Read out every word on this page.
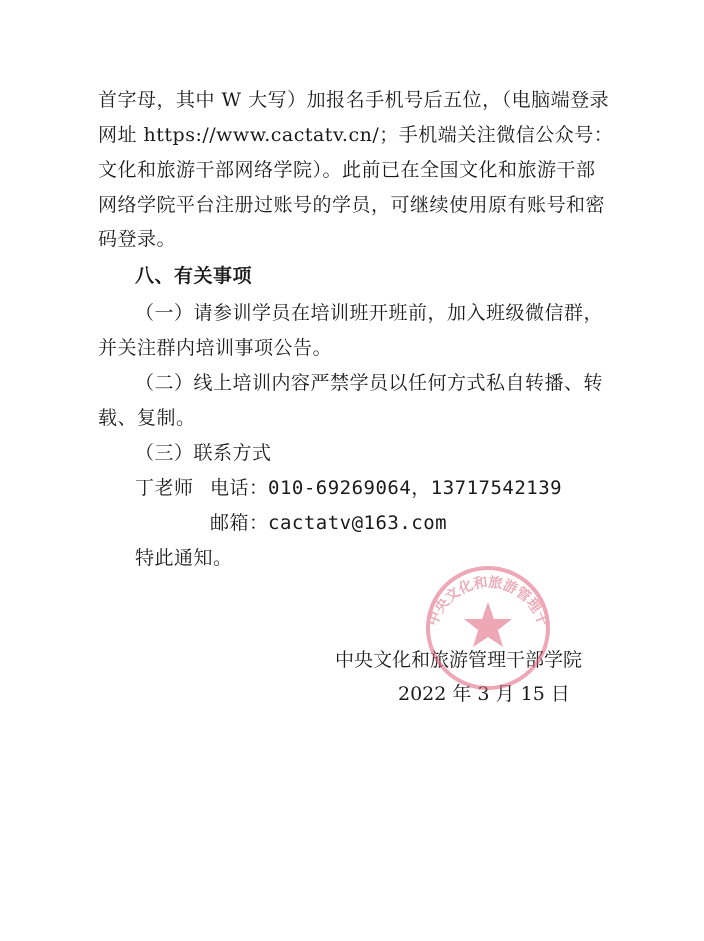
首字母，其中 W 大写）加报名手机号后五位，（电脑端登录
网址 https://www.cactatv.cn/；手机端关注微信公众号：
文化和旅游干部网络学院）。此前已在全国文化和旅游干部
网络学院平台注册过账号的学员，可继续使用原有账号和密
码登录。
八、有关事项
（一）请参训学员在培训班开班前，加入班级微信群，
并关注群内培训事项公告。
（二）线上培训内容严禁学员以任何方式私自转播、转
载、复制。
（三）联系方式
丁老师 电话： 010-69269064，13717542139
邮箱： cactatv@163.com
特此通知。
中央文化和旅游管理干部学院
2022 年 3 月 15 日
中央文化和旅游管理干
